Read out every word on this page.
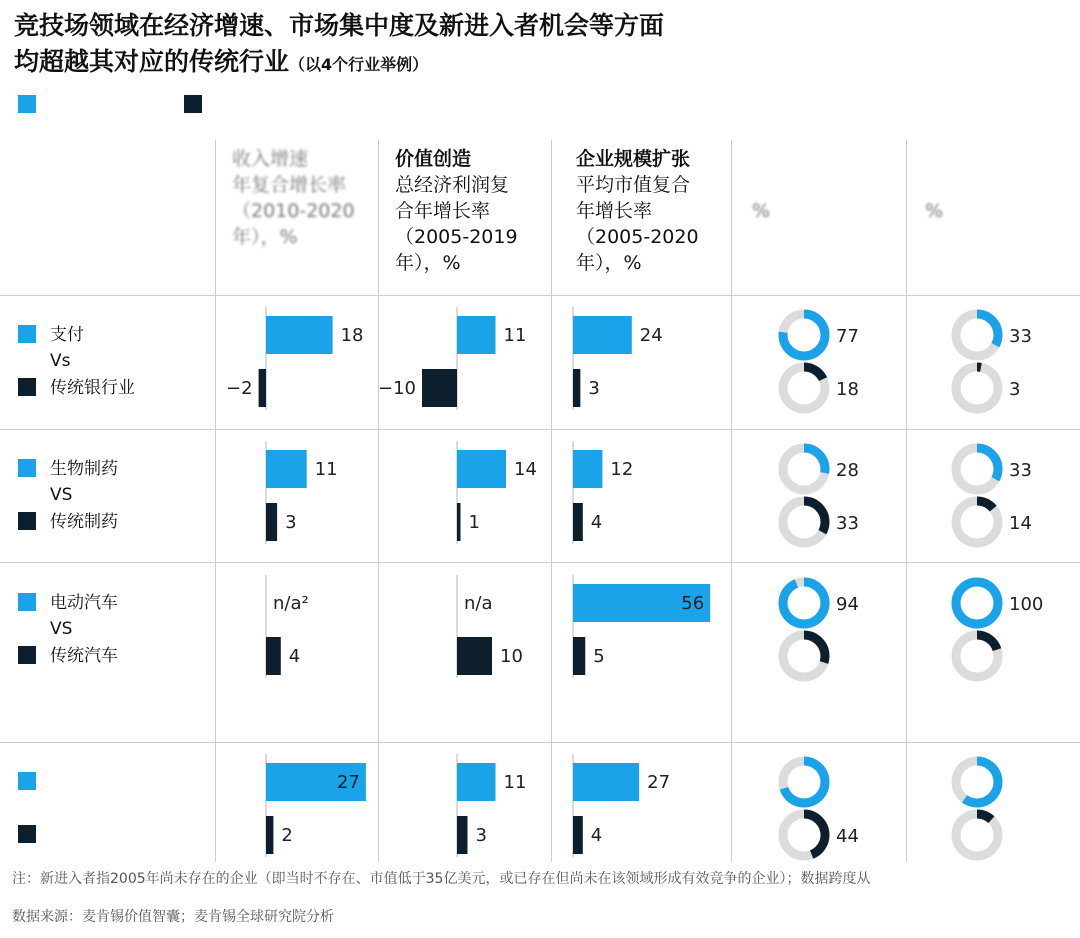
竞技场领域在经济增速、市场集中度及新进入者机会等方面
均超越其对应的传统行业（以4个行业举例）
收入增速
年复合增长率
（2010-2020
年），%
价值创造
总经济利润复
合年增长率
（2005-2019
年），%
企业规模扩张
平均市值复合
年增长率
（2005-2020
年），%

%

	%
支付
Vs
传统银行业
生物制药
VS
传统制药
电动汽车
VS
传统汽车
18
−2
11
3
n/a²
4
27
2
11
−10
14
1
n/a
10
11
3
24
3
12
4
56
5
27
4
77
18
28
33
94
44
33
3
33
14
100
注：新进入者指2005年尚未存在的企业（即当时不存在、市值低于35亿美元，或已存在但尚未在该领域形成有效竞争的企业）；数据跨度从
数据来源：麦肯锡价值智囊；麦肯锡全球研究院分析
